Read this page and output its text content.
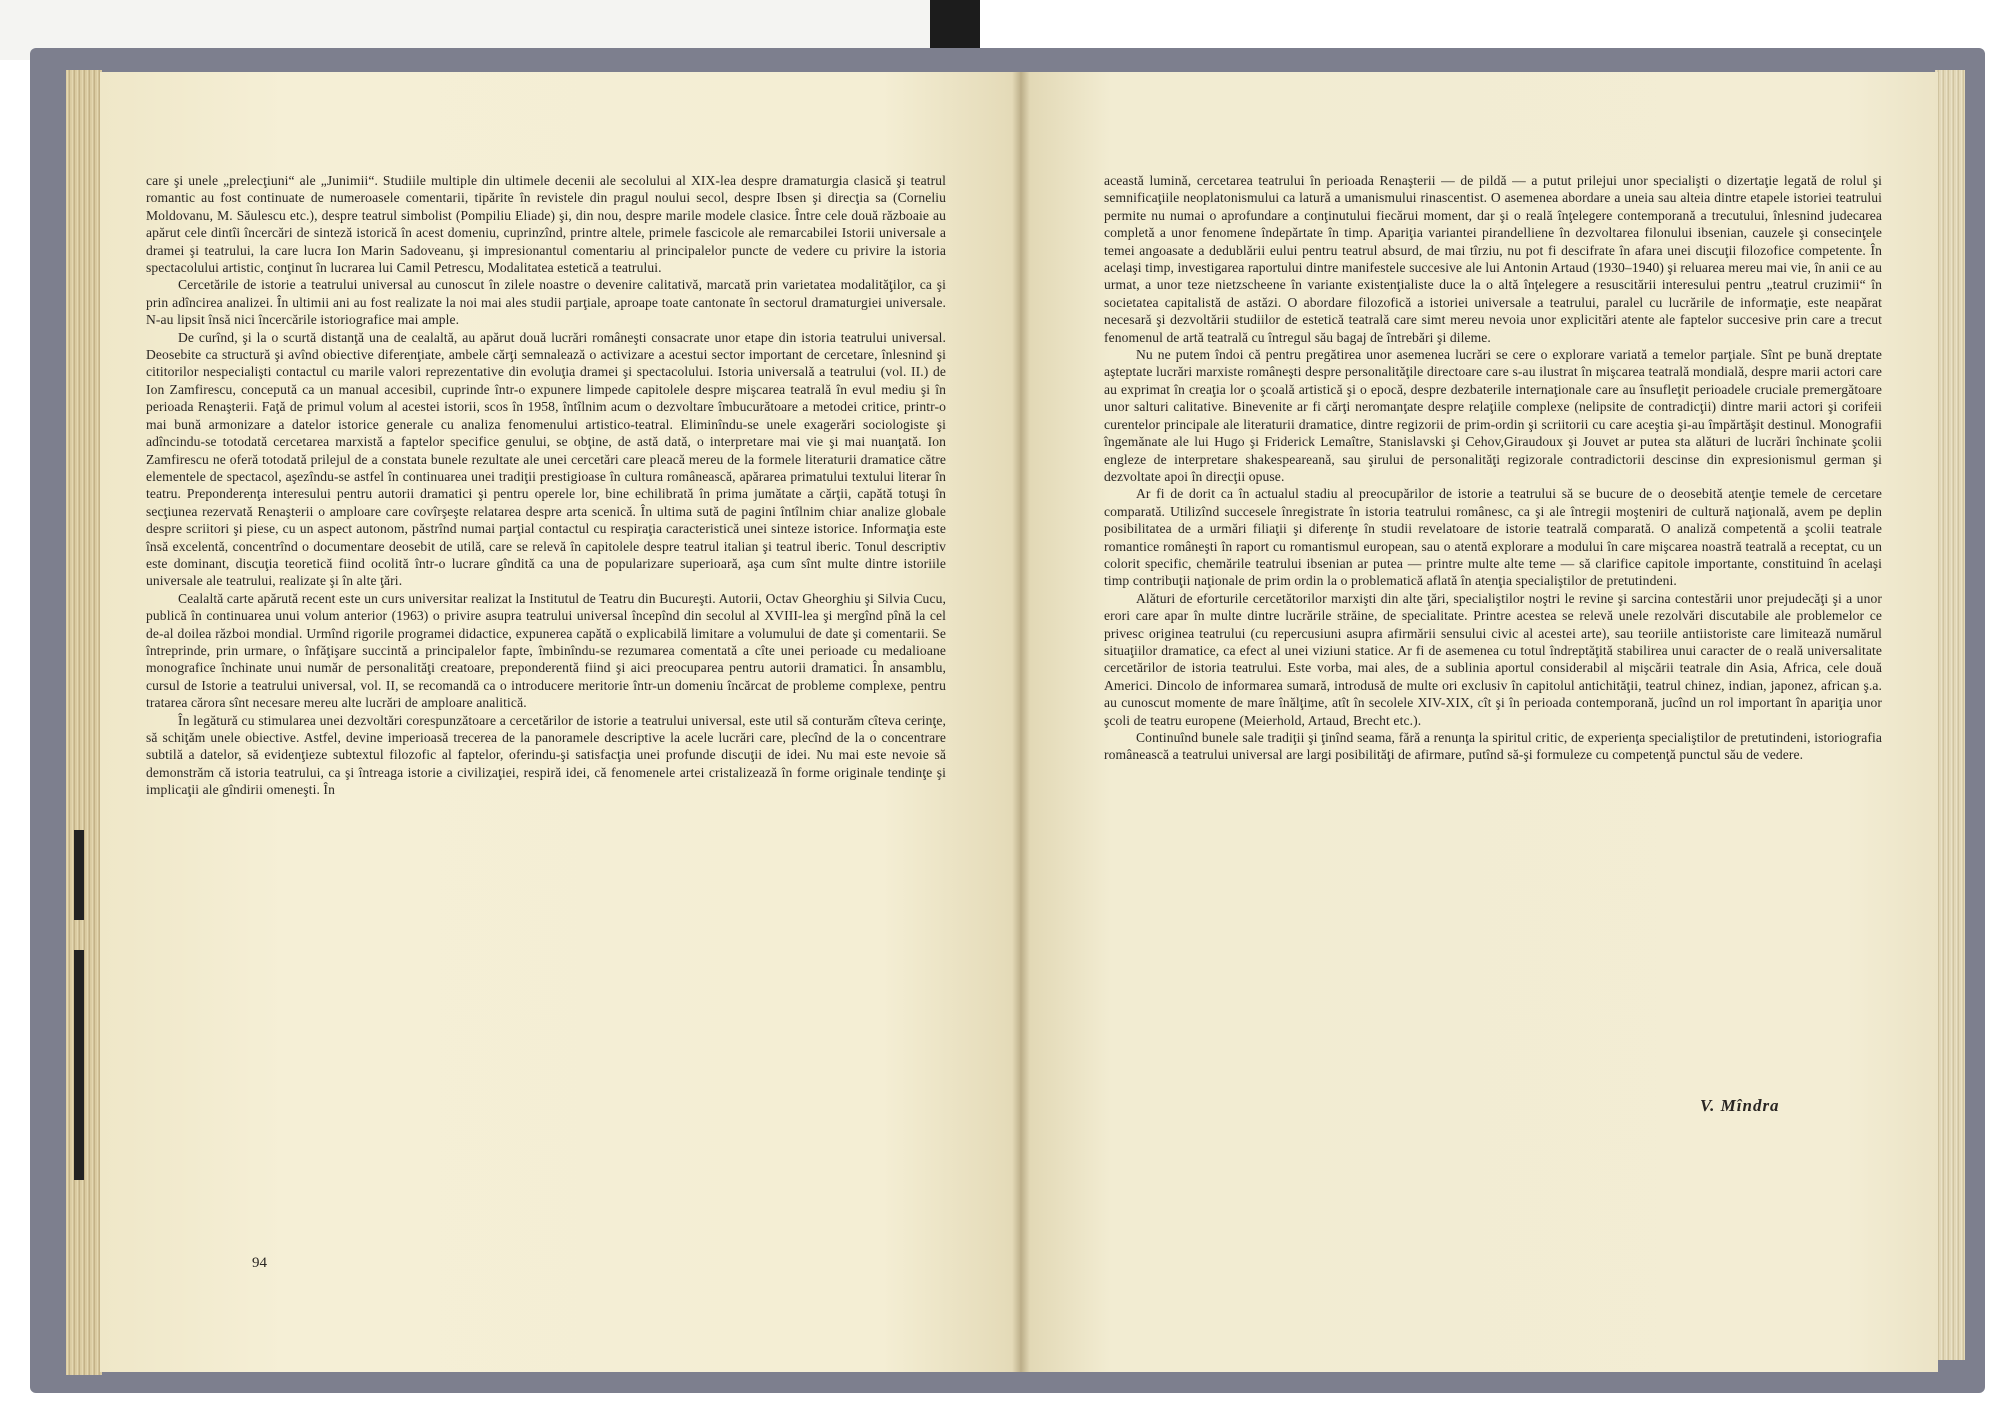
care şi unele „prelecţiuni“ ale „Junimii“. Studiile multiple din ultimele decenii ale secolului al XIX-lea despre dramaturgia clasică şi teatrul romantic au fost continuate de numeroasele comentarii, tipărite în revistele din pragul noului secol, despre Ibsen şi direcţia sa (Corneliu Moldovanu, M. Săulescu etc.), despre teatrul simbolist (Pompiliu Eliade) şi, din nou, despre marile modele clasice. Între cele două războaie au apărut cele dintîi încercări de sinteză istorică în acest domeniu, cuprinzînd, printre altele, primele fascicole ale remarcabilei Istorii universale a dramei şi teatrului, la care lucra Ion Marin Sadoveanu, şi impresionantul comentariu al principalelor puncte de vedere cu privire la istoria spectacolului artistic, conţinut în lucrarea lui Camil Petrescu, Modalitatea estetică a teatrului.

Cercetările de istorie a teatrului universal au cunoscut în zilele noastre o devenire calitativă, marcată prin varietatea modalităţilor, ca şi prin adîncirea analizei. În ultimii ani au fost realizate la noi mai ales studii parţiale, aproape toate cantonate în sectorul dramaturgiei universale. N-au lipsit însă nici încercările istoriografice mai ample.

De curînd, şi la o scurtă distanţă una de cealaltă, au apărut două lucrări româneşti consacrate unor etape din istoria teatrului universal. Deosebite ca structură şi avînd obiective diferenţiate, ambele cărţi semnalează o activizare a acestui sector important de cercetare, înlesnind şi cititorilor nespecialişti contactul cu marile valori reprezentative din evoluţia dramei şi spectacolului. Istoria universală a teatrului (vol. II.) de Ion Zamfirescu, concepută ca un manual accesibil, cuprinde într-o expunere limpede capitolele despre mişcarea teatrală în evul mediu şi în perioada Renaşterii. Faţă de primul volum al acestei istorii, scos în 1958, întîlnim acum o dezvoltare îmbucurătoare a metodei critice, printr-o mai bună armonizare a datelor istorice generale cu analiza fenomenului artistico-teatral. Eliminîndu-se unele exagerări sociologiste şi adîncindu-se totodată cercetarea marxistă a faptelor specifice genului, se obţine, de astă dată, o interpretare mai vie şi mai nuanţată. Ion Zamfirescu ne oferă totodată prilejul de a constata bunele rezultate ale unei cercetări care pleacă mereu de la formele literaturii dramatice către elementele de spectacol, aşezîndu-se astfel în continuarea unei tradiţii prestigioase în cultura românească, apărarea primatului textului literar în teatru. Preponderenţa interesului pentru autorii dramatici şi pentru operele lor, bine echilibrată în prima jumătate a cărţii, capătă totuşi în secţiunea rezervată Renaşterii o amploare care covîrşeşte relatarea despre arta scenică. În ultima sută de pagini întîlnim chiar analize globale despre scriitori şi piese, cu un aspect autonom, păstrînd numai parţial contactul cu respiraţia caracteristică unei sinteze istorice. Informaţia este însă excelentă, concentrînd o documentare deosebit de utilă, care se relevă în capitolele despre teatrul italian şi teatrul iberic. Tonul descriptiv este dominant, discuţia teoretică fiind ocolită într-o lucrare gîndită ca una de popularizare superioară, aşa cum sînt multe dintre istoriile universale ale teatrului, realizate şi în alte ţări.

Cealaltă carte apărută recent este un curs universitar realizat la Institutul de Teatru din Bucureşti. Autorii, Octav Gheorghiu şi Silvia Cucu, publică în continuarea unui volum anterior (1963) o privire asupra teatrului universal începînd din secolul al XVIII-lea şi mergînd pînă la cel de-al doilea război mondial. Urmînd rigorile programei didactice, expunerea capătă o explicabilă limitare a volumului de date şi comentarii. Se întreprinde, prin urmare, o înfăţişare succintă a principalelor fapte, îmbinîndu-se rezumarea comentată a cîte unei perioade cu medalioane monografice închinate unui număr de personalităţi creatoare, preponderentă fiind şi aici preocuparea pentru autorii dramatici. În ansamblu, cursul de Istorie a teatrului universal, vol. II, se recomandă ca o introducere meritorie într-un domeniu încărcat de probleme complexe, pentru tratarea cărora sînt necesare mereu alte lucrări de amploare analitică.

În legătură cu stimularea unei dezvoltări corespunzătoare a cercetărilor de istorie a teatrului universal, este util să conturăm cîteva cerinţe, să schiţăm unele obiective. Astfel, devine imperioasă trecerea de la panoramele descriptive la acele lucrări care, plecînd de la o concentrare subtilă a datelor, să evidenţieze subtextul filozofic al faptelor, oferindu-şi satisfacţia unei profunde discuţii de idei. Nu mai este nevoie să demonstrăm că istoria teatrului, ca şi întreaga istorie a civilizaţiei, respiră idei, că fenomenele artei cristalizează în forme originale tendinţe şi implicaţii ale gîndirii omeneşti. În

94

această lumină, cercetarea teatrului în perioada Renaşterii — de pildă — a putut prilejui unor specialişti o dizertaţie legată de rolul şi semnificaţiile neoplatonismului ca latură a umanismului rinascentist. O asemenea abordare a uneia sau alteia dintre etapele istoriei teatrului permite nu numai o aprofundare a conţinutului fiecărui moment, dar şi o reală înţelegere contemporană a trecutului, înlesnind judecarea completă a unor fenomene îndepărtate în timp. Apariţia variantei pirandelliene în dezvoltarea filonului ibsenian, cauzele şi consecinţele temei angoasate a dedublării eului pentru teatrul absurd, de mai tîrziu, nu pot fi descifrate în afara unei discuţii filozofice competente. În acelaşi timp, investigarea raportului dintre manifestele succesive ale lui Antonin Artaud (1930–1940) şi reluarea mereu mai vie, în anii ce au urmat, a unor teze nietzscheene în variante existenţialiste duce la o altă înţelegere a resuscitării interesului pentru „teatrul cruzimii“ în societatea capitalistă de astăzi. O abordare filozofică a istoriei universale a teatrului, paralel cu lucrările de informaţie, este neapărat necesară şi dezvoltării studiilor de estetică teatrală care simt mereu nevoia unor explicitări atente ale faptelor succesive prin care a trecut fenomenul de artă teatrală cu întregul său bagaj de întrebări şi dileme.

Nu ne putem îndoi că pentru pregătirea unor asemenea lucrări se cere o explorare variată a temelor parţiale. Sînt pe bună dreptate aşteptate lucrări marxiste româneşti despre personalităţile directoare care s-au ilustrat în mişcarea teatrală mondială, despre marii actori care au exprimat în creaţia lor o şcoală artistică şi o epocă, despre dezbaterile internaţionale care au însufleţit perioadele cruciale premergătoare unor salturi calitative. Binevenite ar fi cărţi neromanţate despre relaţiile complexe (nelipsite de contradicţii) dintre marii actori şi corifeii curentelor principale ale literaturii dramatice, dintre regizorii de prim-ordin şi scriitorii cu care aceştia şi-au împărtăşit destinul. Monografii îngemănate ale lui Hugo şi Friderick Lemaître, Stanislavski şi Cehov,Giraudoux şi Jouvet ar putea sta alături de lucrări închinate şcolii engleze de interpretare shakespeareană, sau şirului de personalităţi regizorale contradictorii descinse din expresionismul german şi dezvoltate apoi în direcţii opuse.

Ar fi de dorit ca în actualul stadiu al preocupărilor de istorie a teatrului să se bucure de o deosebită atenţie temele de cercetare comparată. Utilizînd succesele înregistrate în istoria teatrului românesc, ca şi ale întregii moşteniri de cultură naţională, avem pe deplin posibilitatea de a urmări filiaţii şi diferenţe în studii revelatoare de istorie teatrală comparată. O analiză competentă a şcolii teatrale romantice româneşti în raport cu romantismul european, sau o atentă explorare a modului în care mişcarea noastră teatrală a receptat, cu un colorit specific, chemările teatrului ibsenian ar putea — printre multe alte teme — să clarifice capitole importante, constituind în acelaşi timp contribuţii naţionale de prim ordin la o problematică aflată în atenţia specialiştilor de pretutindeni.

Alături de eforturile cercetătorilor marxişti din alte ţări, specialiştilor noştri le revine şi sarcina contestării unor prejudecăţi şi a unor erori care apar în multe dintre lucrările străine, de specialitate. Printre acestea se relevă unele rezolvări discutabile ale problemelor ce privesc originea teatrului (cu repercusiuni asupra afirmării sensului civic al acestei arte), sau teoriile antiistoriste care limitează numărul situaţiilor dramatice, ca efect al unei viziuni statice. Ar fi de asemenea cu totul îndreptăţită stabilirea unui caracter de o reală universalitate cercetărilor de istoria teatrului. Este vorba, mai ales, de a sublinia aportul considerabil al mişcării teatrale din Asia, Africa, cele două Americi. Dincolo de informarea sumară, introdusă de multe ori exclusiv în capitolul antichităţii, teatrul chinez, indian, japonez, african ş.a. au cunoscut momente de mare înălţime, atît în secolele XIV-XIX, cît şi în perioada contemporană, jucînd un rol important în apariţia unor şcoli de teatru europene (Meierhold, Artaud, Brecht etc.).

Continuînd bunele sale tradiţii şi ţinînd seama, fără a renunţa la spiritul critic, de experienţa specialiştilor de pretutindeni, istoriografia românească a teatrului universal are largi posibilităţi de afirmare, putînd să-şi formuleze cu competenţă punctul său de vedere.

V. Mîndra
